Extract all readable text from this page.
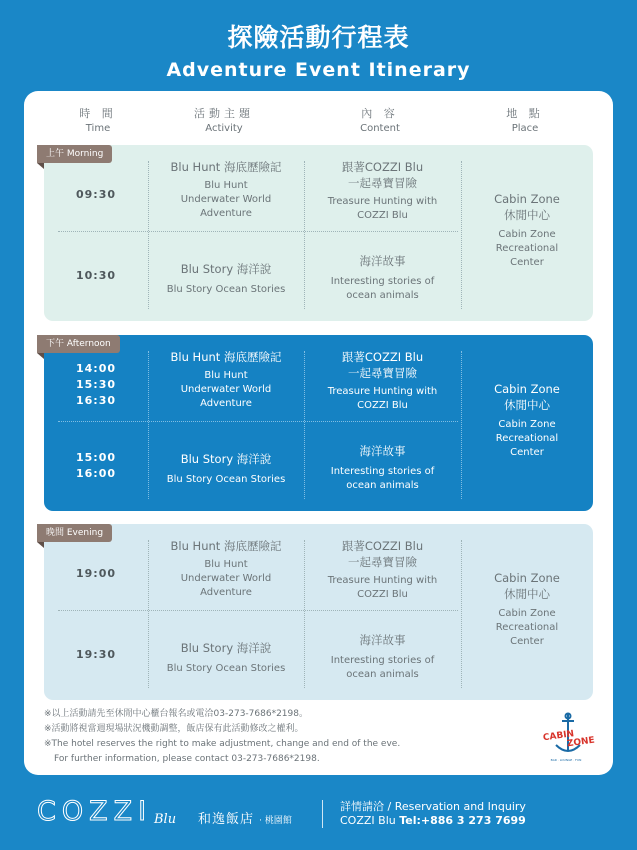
探險活動行程表
Adventure Event Itinerary
時 間
Time
活動主題
Activity
內 容
Content
地 點
Place
上午 Morning
09:30
Blu Hunt 海底歷險記
Blu Hunt
Underwater World
Adventure
跟著COZZI Blu
一起尋寶冒險
Treasure Hunting with
COZZI Blu
10:30	Blu Story 海洋說
Blu Story Ocean Stories
海洋故事
Interesting stories of
ocean animals
Cabin Zone
休閒中心
Cabin Zone
Recreational
Center
下午 Afternoon
14:00
15:30
16:30
Blu Hunt 海底歷險記
Blu Hunt
Underwater World
Adventure
跟著COZZI Blu
一起尋寶冒險
Treasure Hunting with
COZZI Blu
15:00
16:00
Blu Story 海洋說
Blu Story Ocean Stories
海洋故事
Interesting stories of
ocean animals
Cabin Zone
休閒中心
Cabin Zone
Recreational
Center
晚間 Evening
19:00
Blu Hunt 海底歷險記
Blu Hunt
Underwater World
Adventure
跟著COZZI Blu
一起尋寶冒險
Treasure Hunting with
COZZI Blu
19:30	Blu Story 海洋說
Blu Story Ocean Stories
海洋故事
Interesting stories of
ocean animals
Cabin Zone
休閒中心
Cabin Zone
Recreational
Center
※以上活動請先至休閒中心櫃台報名或電洽03-273-7686*2198。
※活動將視當週現場狀況機動調整，飯店保有此活動修改之權利。
※The hotel reserves the right to make adjustment, change and end of the eve.
For further information, please contact 03-273-7686*2198.
CABIN
ZONE
BAR · LOUNGE · FUN
COZZI Blu 和逸飯店 · 桃園館
詳情請洽 / Reservation and Inquiry
COZZI Blu Tel:+886 3 273 7699
